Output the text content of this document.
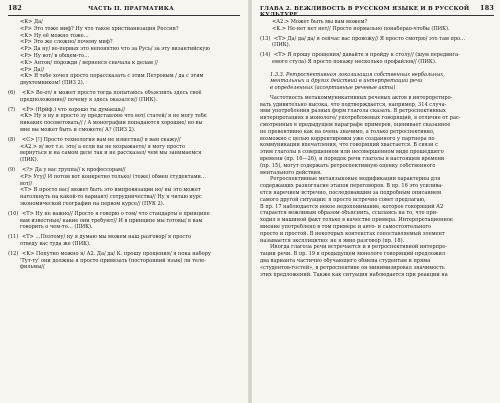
182	ЧАСТЬ II. ПРАГМАТИКА
<К> Да/
<Р> Это тоже миф? Ну что такое христианизация России?
<К> Ну её можно тоже…
<Р> Это же сложно/ почему миф?
<Р> Да ну/ во-первых это непонятно что за Русь/ за эту византийскую
<Р> Ну вот/ в общем-то…
<К> Антон/ подожди / верненся сначала к делам //
<Р> Да//
<К> Я тебе хочел просто порассказать с этим Петровым / да с этим
двухтомником! (ПИЗ 2).
(6)	<К> Во-от/ я может просто тогда попытаюсь объяснить здесь своё
предположение// почему я здесь оказался// (ПИК).
(7)	<Р> (Нрйф.) что хорошо ты думаешь//
<К> Ну я ну я просто зу представляю что вот/ статей/ я не могу тебе
никаких посоветовать// / А монографии попадаются хорошие/ но вы
мне вы может быть и сможете/ А? (ПИЗ 2).
(8)	<С> [!] Просто технология вам не известна// в вам скажу//
<А2.> я/ вот т.е. это/ а если вы не возражаете/ я могу просто
вернуться и на самом деле так и не рассказал/ чем мы занимаемся
(ПИК).
(9)	<?> Да у вас группа// к профессорам//
<Р> Угу// И потом вот конкретно только/ (тоже) обмен студентами…
вот//
<Т> Я просто вас/ может быть это импровизации но/ вы это может
натолкнуть на какой-то вариант/ сотрудничества// Ну я читаю курс
экономической географии на первом курсе// (ПУК 2).
(10) <Т> Ну не важно// Просто я говорю о том/ что стандарты в принципе
вам известные/ какие они требуют// И в принципе мы готовы/ в вам
говорить о чем-то… (ПИК).
(11) <Т> …Поэтому/ ну я думаю мы можем наш разговор/ я просто
отведу вас туда же (ПИК).
(12) <К> Попутно можно я/ А2. Да/ да/ К. прошу прощения/ я пока набору
'Тут-ту' они должны я просто привязать (посторонний язык) ли теле-
фильмы//
ГЛАВА 2. ВЕЖЛИВОСТЬ В РУССКОМ ЯЗЫКЕ И В РУССКОЙ КУЛЬТУРЕ
183
<А2.> Может быть мы вам можем?
<К.> Не-нет нет нет// Просто нормально понаберао-чтобы (ПИК).
(13) <Т> Да/ да/ да/ я сейчас вас провожу// Я просто смотрю/ это там про…
(ПИК).
(14) <Т> Я прошу прощения/ давайте я пройду к столу// (шум передвига-
емого стула) Я просто покажу несколько профайлов// (ПИК).
1.3.3. Ретроспективная локализация собственных вербальных,
ментальных и других действий в интерпретации речи
в определенных (ассертивные речевые акты)
Частотность метакоммуникативных речевых актов в интерпретиро-
вать удивительно высока, что подтверждается, например, 314 случа-
ями употребления разных форм глагола сказать. В ретроспективных
интерпретациях в монологе/ употребляемых говорящий, в отличие от рас-
смотренных в предыдущем параграфе примеров, оценивает сказанное
не превентивно как на очень значимо, а только ретроспективно,
возможно с целью корректировки уже созданного у партнера по
коммуникации впечатления, что говорящий хвастается. В связи с
этим глаголы в совершенном или несовершенном виде прошедшего
времени (пр. 16—26), и порядок речи глаголы в настоящем времени
(пр. 15), могут содержать ретроспективную оценку собственного
ментального действия.
Ретроспективные метаязыковые модификации характерны для
содержащих разногласие этапов переговоров. В пр. 16 это усилива-
ется наречием встречно, последовавшим за подробным описанием
самого другой ситуации: я просто встречно совет предлагаю,
В пр. 17 наблюдается некое недопонимание, которое говорящий А2
старается вежливым образом объяснить, ссылаясь на то, что при-
ходил в машиной факт только в качестве примера. Интерпретационное
мнение употреблено в том примере и авто- и самостоятельного
просто и простой. В некоторых контекстах сопоставляемый элемент
называется эксплицитно: не я явно разговор (пр. 18).
Иногда глагола речи встречается и в ретроспективной интерпре-
тации речи. В пр. 19 в предыдущем монологе говорящий предложил
два варианта частично обучающего обмена студентам и пряма
«студентов-гостей», в ретроспективе он минимизировал значимость
этих предложений. Также как ситуация наблюдается при реакции на
